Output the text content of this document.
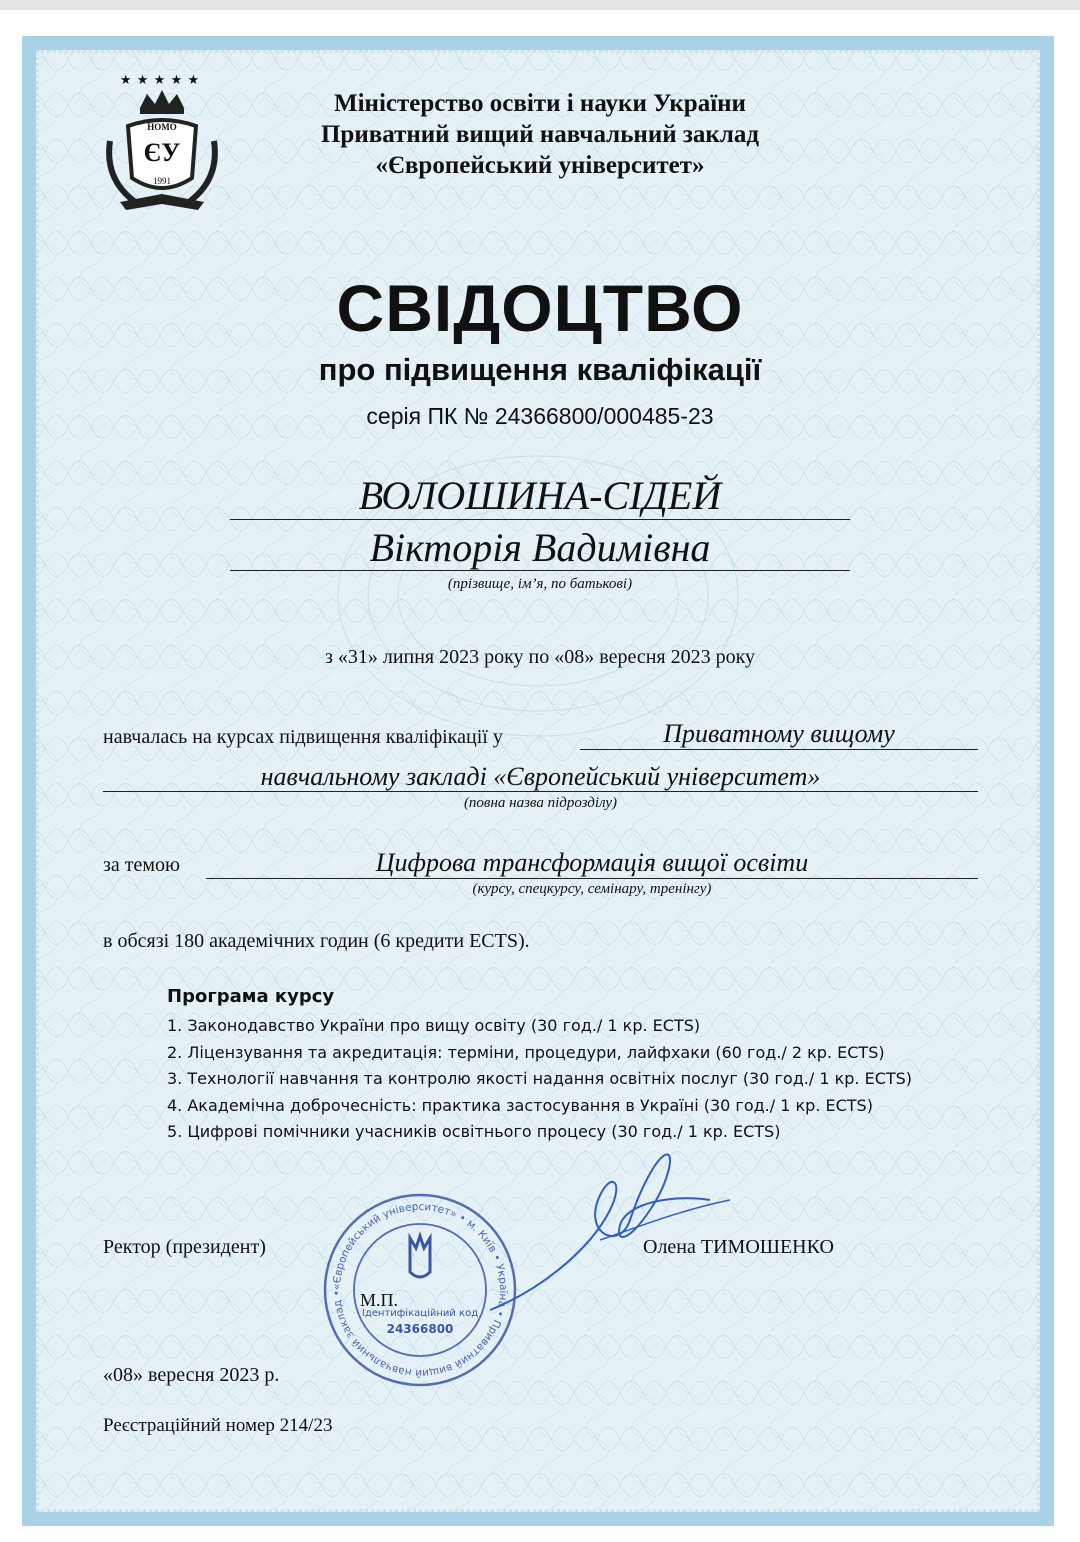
★ ★ ★ ★ ★
HOMO
ЄУ
1991
Міністерство освіти і науки України
Приватний вищий навчальний заклад
«Європейський університет»
СВІДОЦТВО
про підвищення кваліфікації
серія ПК № 24366800/000485-23
ВОЛОШИНА-СІДЕЙ
Вікторія Вадимівна
(прізвище, ім’я, по батькові)
з «31» липня 2023 року по «08» вересня 2023 року
навчалась на курсах підвищення кваліфікації у	Приватному вищому
навчальному закладі «Європейський університет»
(повна назва підрозділу)
за темою	Цифрова трансформація вищої освіти
(курсу, спецкурсу, семінару, тренінгу)
в обсязі 180 академічних годин (6 кредити ECTS).
Програма курсу
1. Законодавство України про вищу освіту (30 год./ 1 кр. ECTS)
2. Ліцензування та акредитація: терміни, процедури, лайфхаки (60 год./ 2 кр. ECTS)
3. Технології навчання та контролю якості надання освітніх послуг (30 год./ 1 кр. ECTS)
4. Академічна доброчесність: практика застосування в Україні (30 год./ 1 кр. ECTS)
5. Цифрові помічники учасників освітнього процесу (30 год./ 1 кр. ECTS)
Ректор (президент)	Олена ТИМОШЕНКО
«Європейський університет» • м. Київ • Україна • Приватний вищий навчальний заклад •
Ідентифікаційний код
24366800
М.П.
«08» вересня 2023 р.
Реєстраційний номер 214/23
